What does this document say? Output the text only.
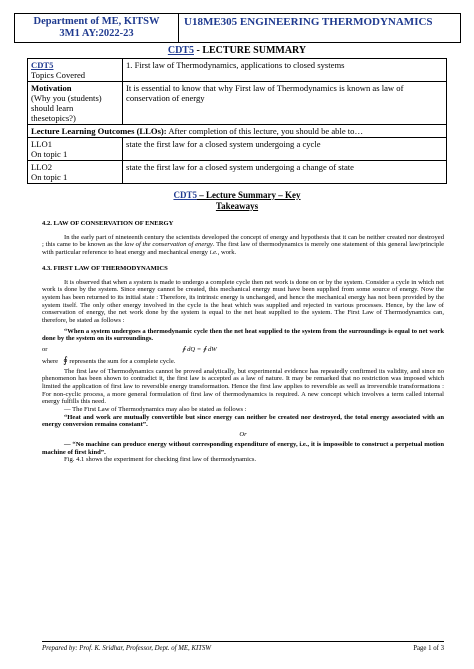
Department of ME, KITSW
3M1 AY:2022-23
U18ME305 ENGINEERING THERMODYNAMICS
CDT5 - LECTURE SUMMARY
CDT5
Topics Covered	1. First law of Thermodynamics, applications to closed systems

Motivation
(Why you (students) should learn thesetopics?)	It is essential to know that why First law of Thermodynamics is known as law of conservation of energy
Lecture Learning Outcomes (LLOs): After completion of this lecture, you should be able to…	

LLO1
On topic 1	state the first law for a closed system undergoing a cycle

LLO2
On topic 1	state the first law for a closed system undergoing a change of state
CDT5 – Lecture Summary – Key
Takeaways

4.2. LAW OF CONSERVATION OF ENERGY

In the early part of nineteenth century the scientists developed the concept of energy and hypothesis that it can be neither created nor destroyed ; this came to be known as the law of the conservation of energy. The first law of thermodynamics is merely one statement of this general law/principle with particular reference to heat energy and mechanical energy i.e., work.

4.3. FIRST LAW OF THERMODYNAMICS

It is observed that when a system is made to undergo a complete cycle then net work is done on or by the system. Consider a cycle in which net work is done by the system. Since energy cannot be created, this mechanical energy must have been supplied from some source of energy. Now the system has been returned to its initial state : Therefore, its intrinsic energy is unchanged, and hence the mechanical energy has not been provided by the system itself. The only other energy involved in the cycle is the heat which was supplied and rejected in various processes. Hence, by the law of conservation of energy, the net work done by the system is equal to the net heat supplied to the system. The First Law of Thermodynamics can, therefore, be stated as follows :

“When a system undergoes a thermodynamic cycle then the net heat supplied to the system from the surroundings is equal to net work done by the system on its surroundings.

or	∮ dQ = ∮ dW

where ∮ represents the sum for a complete cycle.

The first law of Thermodynamics cannot be proved analytically, but experimental evidence has repeatedly confirmed its validity, and since no phenomenon has been shown to contradict it, the first law is accepted as a law of nature. It may be remarked that no restriction was imposed which limited the application of first law to reversible energy transformation. Hence the first law applies to reversible as well as irreversible transformations : For non-cyclic process, a more general formulation of first law of thermodynamics is required. A new concept which involves a term called internal energy fulfills this need.

— The First Law of Thermodynamics may also be stated as follows :

“Heat and work are mutually convertible but since energy can neither be created nor destroyed, the total energy associated with an energy conversion remains constant”.

Or

— “No machine can produce energy without corresponding expenditure of energy, i.e., it is impossible to construct a perpetual motion machine of first kind”.

Fig. 4.1 shows the experiment for checking first law of thermodynamics.

Prepared by: Prof. K. Sridhar, Professor, Dept. of ME, KITSW	Page 1 of 3
